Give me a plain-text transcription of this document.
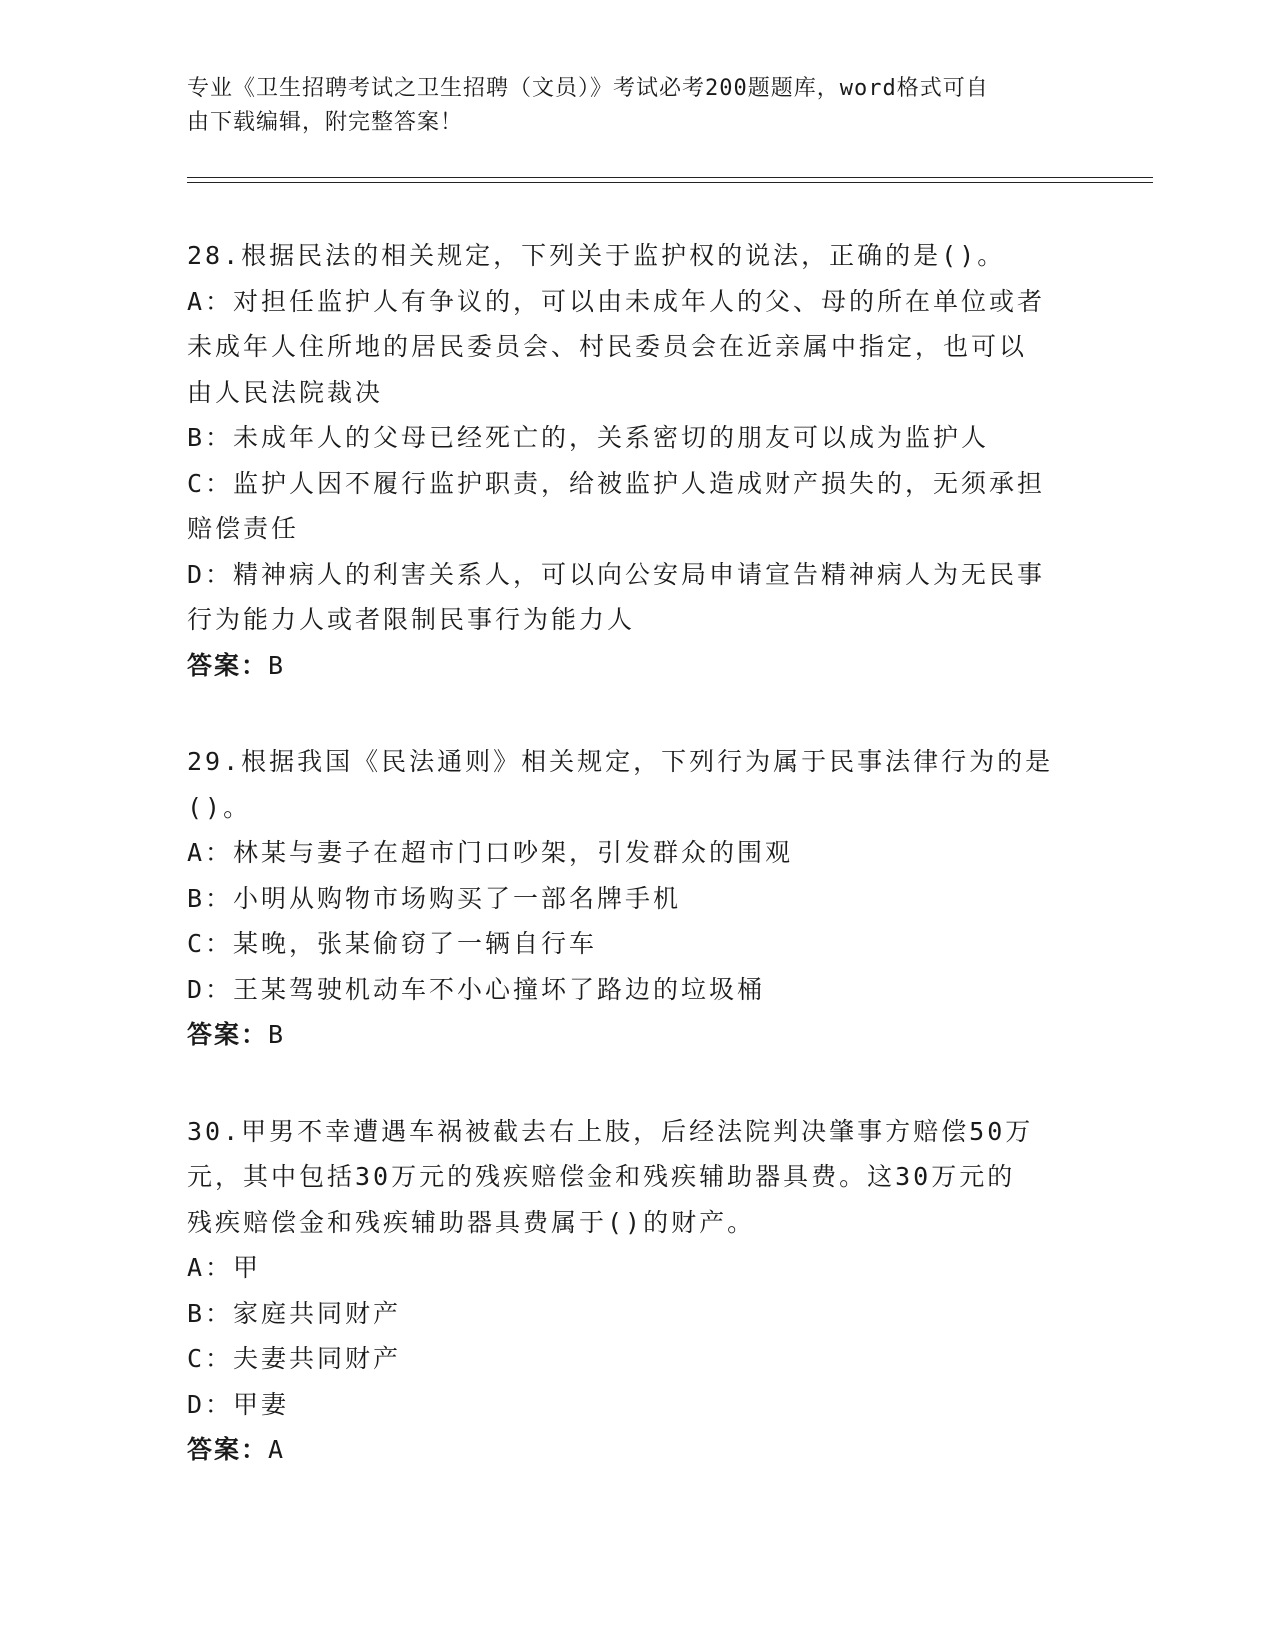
专业《卫生招聘考试之卫生招聘（文员）》考试必考200题题库，word格式可自
由下载编辑，附完整答案！

28.根据民法的相关规定，下列关于监护权的说法，正确的是()。

A：对担任监护人有争议的，可以由未成年人的父、母的所在单位或者

未成年人住所地的居民委员会、村民委员会在近亲属中指定，也可以

由人民法院裁决

B：未成年人的父母已经死亡的，关系密切的朋友可以成为监护人

C：监护人因不履行监护职责，给被监护人造成财产损失的，无须承担

赔偿责任

D：精神病人的利害关系人，可以向公安局申请宣告精神病人为无民事

行为能力人或者限制民事行为能力人

答案：B

29.根据我国《民法通则》相关规定，下列行为属于民事法律行为的是

()。

A：林某与妻子在超市门口吵架，引发群众的围观

B：小明从购物市场购买了一部名牌手机

C：某晚，张某偷窃了一辆自行车

D：王某驾驶机动车不小心撞坏了路边的垃圾桶

答案：B

30.甲男不幸遭遇车祸被截去右上肢，后经法院判决肇事方赔偿50万

元，其中包括30万元的残疾赔偿金和残疾辅助器具费。这30万元的

残疾赔偿金和残疾辅助器具费属于()的财产。

A：甲

B：家庭共同财产

C：夫妻共同财产

D：甲妻

答案：A
